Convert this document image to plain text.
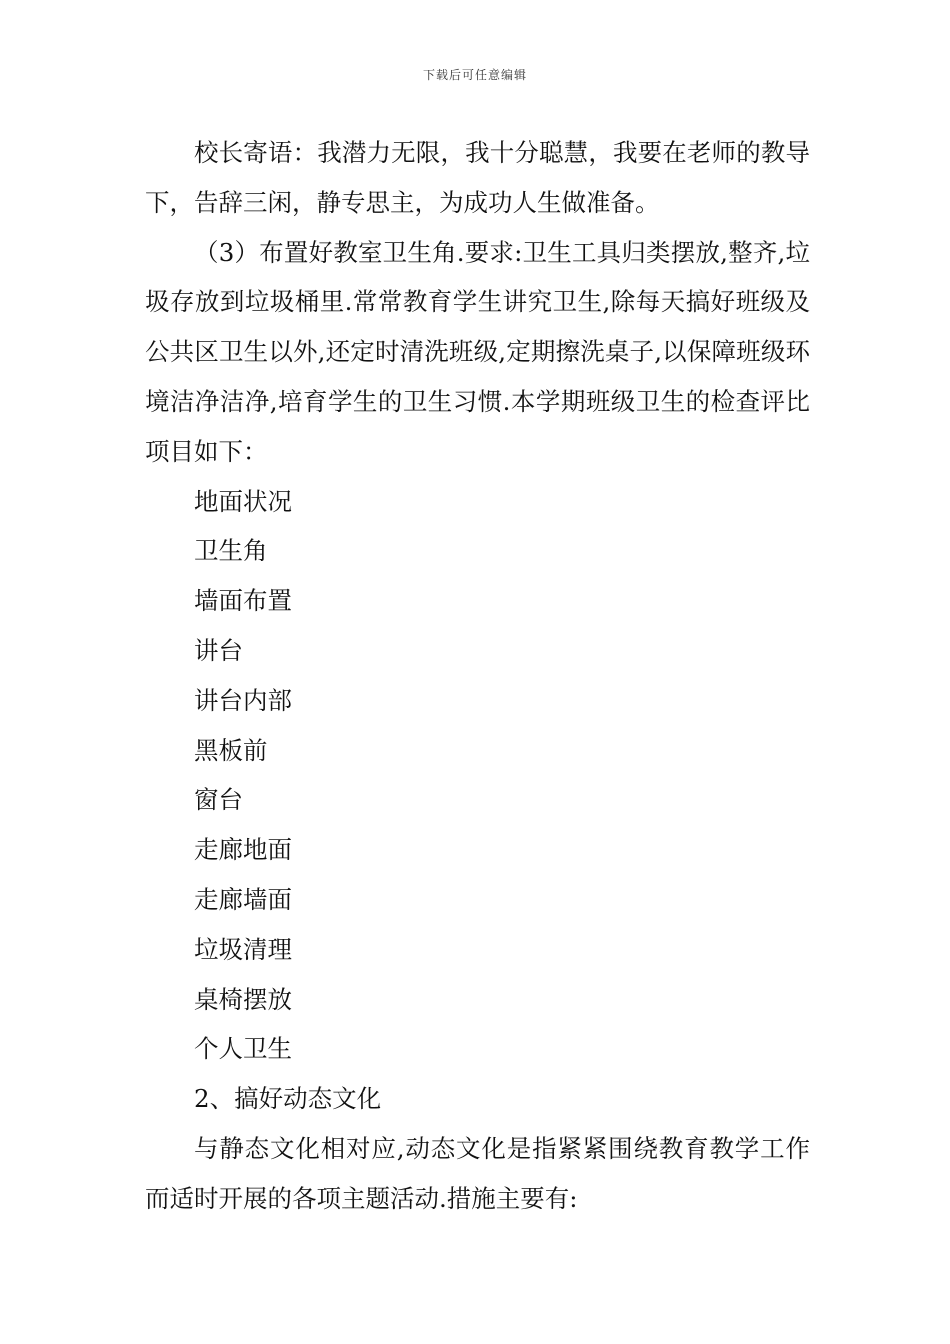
下载后可任意编辑

校长寄语：我潜力无限，我十分聪慧，我要在老师的教导下，告辞三闲，静专思主，为成功人生做准备。

（3）布置好教室卫生角.要求:卫生工具归类摆放,整齐,垃圾存放到垃圾桶里.常常教育学生讲究卫生,除每天搞好班级及公共区卫生以外,还定时清洗班级,定期擦洗桌子,以保障班级环境洁净洁净,培育学生的卫生习惯.本学期班级卫生的检查评比项目如下：

地面状况

卫生角

墙面布置

讲台

讲台内部

黑板前

窗台

走廊地面

走廊墙面

垃圾清理

桌椅摆放

个人卫生

2、搞好动态文化

与静态文化相对应,动态文化是指紧紧围绕教育教学工作而适时开展的各项主题活动.措施主要有:
